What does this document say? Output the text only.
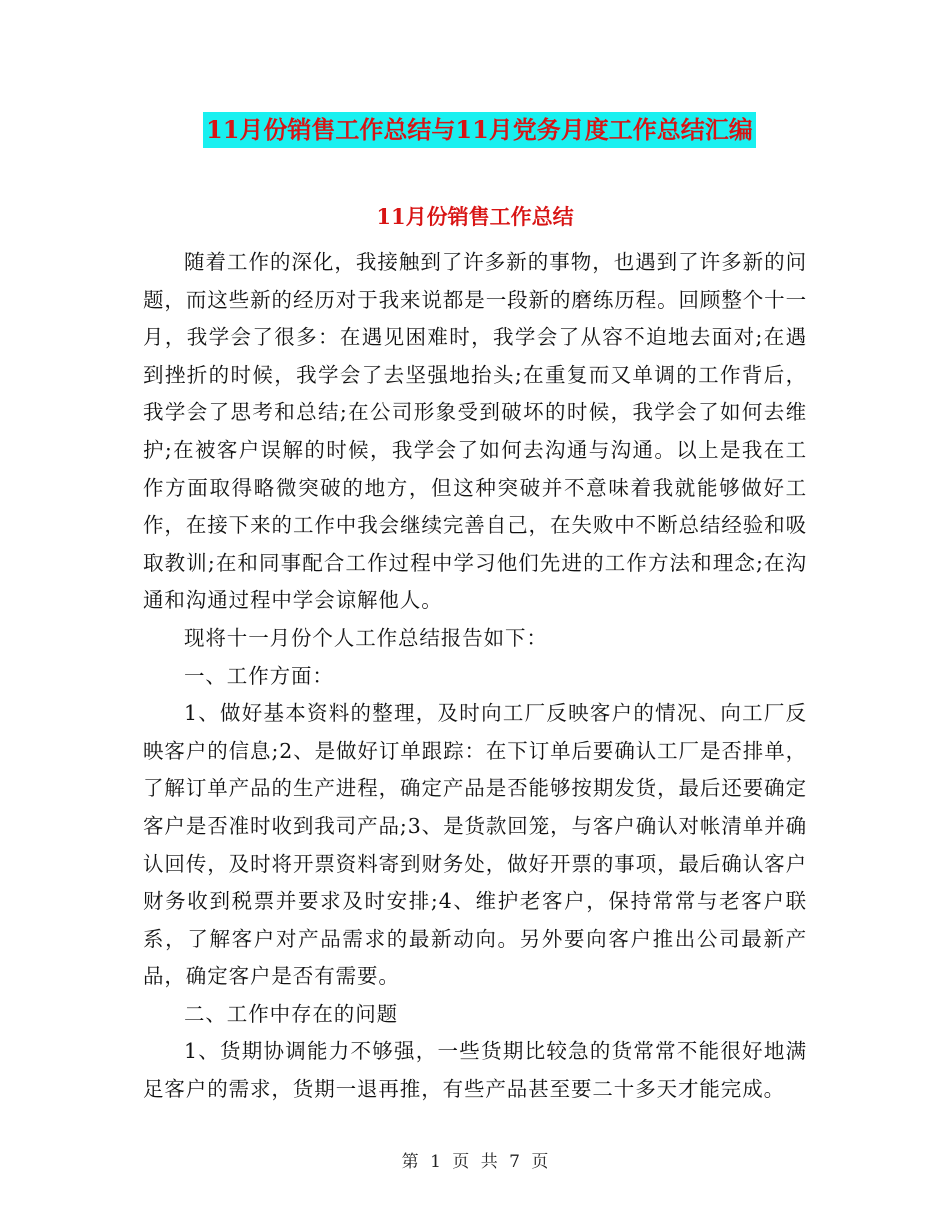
11月份销售工作总结与11月党务月度工作总结汇编
11月份销售工作总结

随着工作的深化，我接触到了许多新的事物，也遇到了许多新的问题，而这些新的经历对于我来说都是一段新的磨练历程。回顾整个十一月，我学会了很多：在遇见困难时，我学会了从容不迫地去面对;在遇到挫折的时候，我学会了去坚强地抬头;在重复而又单调的工作背后，我学会了思考和总结;在公司形象受到破坏的时候，我学会了如何去维护;在被客户误解的时候，我学会了如何去沟通与沟通。以上是我在工作方面取得略微突破的地方，但这种突破并不意味着我就能够做好工作，在接下来的工作中我会继续完善自己，在失败中不断总结经验和吸取教训;在和同事配合工作过程中学习他们先进的工作方法和理念;在沟通和沟通过程中学会谅解他人。

现将十一月份个人工作总结报告如下：

一、工作方面：

1、做好基本资料的整理，及时向工厂反映客户的情况、向工厂反映客户的信息;2、是做好订单跟踪：在下订单后要确认工厂是否排单，了解订单产品的生产进程，确定产品是否能够按期发货，最后还要确定客户是否准时收到我司产品;3、是货款回笼，与客户确认对帐清单并确认回传，及时将开票资料寄到财务处，做好开票的事项，最后确认客户财务收到税票并要求及时安排;4、维护老客户，保持常常与老客户联系，了解客户对产品需求的最新动向。另外要向客户推出公司最新产品，确定客户是否有需要。

二、工作中存在的问题

1、货期协调能力不够强，一些货期比较急的货常常不能很好地满足客户的需求，货期一退再推，有些产品甚至要二十多天才能完成。

第 1 页 共 7 页
